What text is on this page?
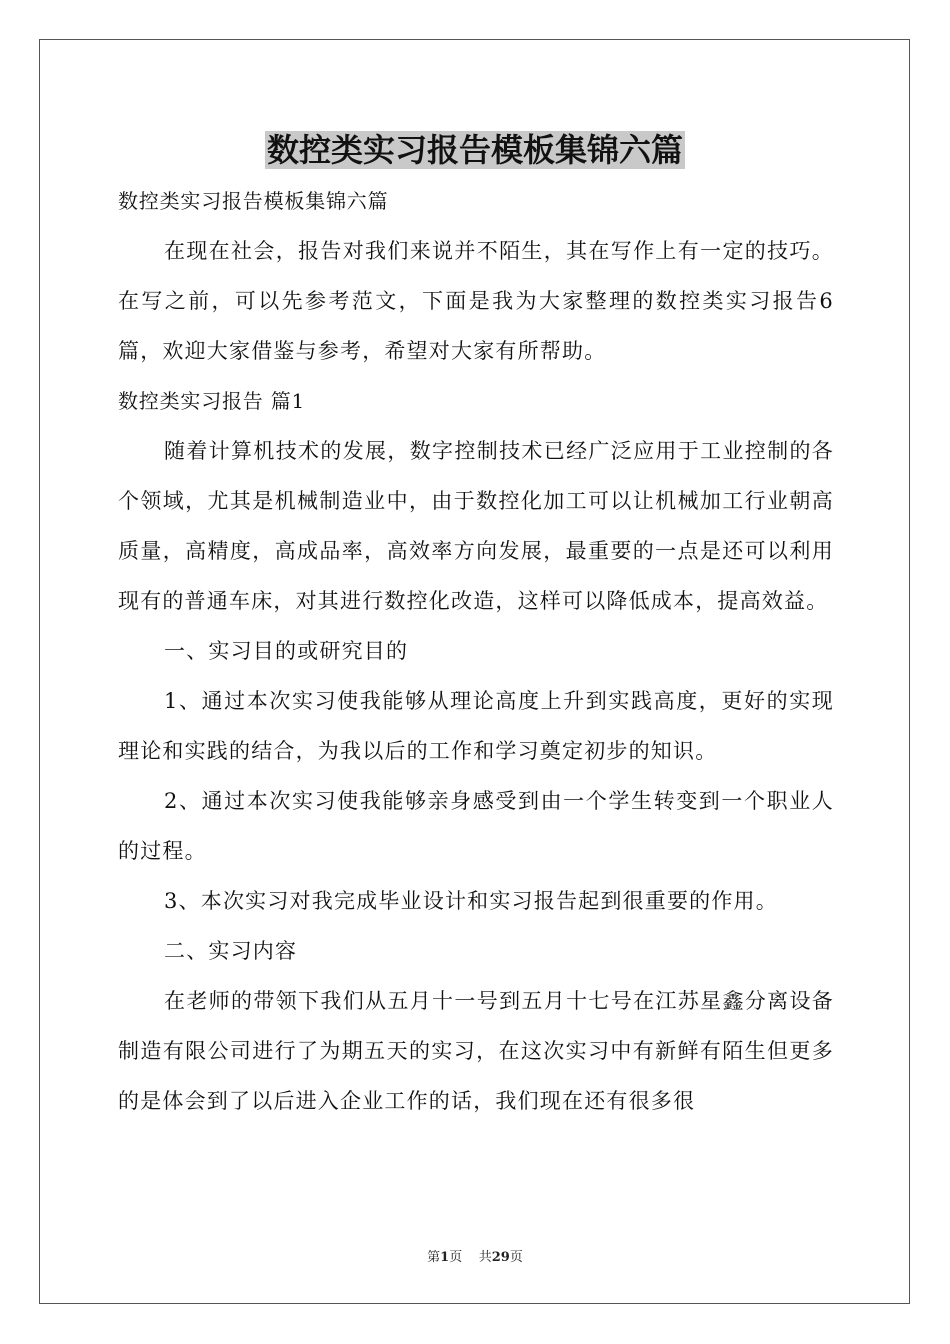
数控类实习报告模板集锦六篇

数控类实习报告模板集锦六篇

在现在社会，报告对我们来说并不陌生，其在写作上有一定的技巧。在写之前，可以先参考范文，下面是我为大家整理的数控类实习报告6篇，欢迎大家借鉴与参考，希望对大家有所帮助。

数控类实习报告 篇1

随着计算机技术的发展，数字控制技术已经广泛应用于工业控制的各个领域，尤其是机械制造业中，由于数控化加工可以让机械加工行业朝高质量，高精度，高成品率，高效率方向发展，最重要的一点是还可以利用现有的普通车床，对其进行数控化改造，这样可以降低成本，提高效益。

一、实习目的或研究目的

1、通过本次实习使我能够从理论高度上升到实践高度，更好的实现理论和实践的结合，为我以后的工作和学习奠定初步的知识。

2、通过本次实习使我能够亲身感受到由一个学生转变到一个职业人的过程。

3、本次实习对我完成毕业设计和实习报告起到很重要的作用。

二、实习内容

在老师的带领下我们从五月十一号到五月十七号在江苏星鑫分离设备制造有限公司进行了为期五天的实习，在这次实习中有新鲜有陌生但更多的是体会到了以后进入企业工作的话，我们现在还有很多很

第1页 共29页
